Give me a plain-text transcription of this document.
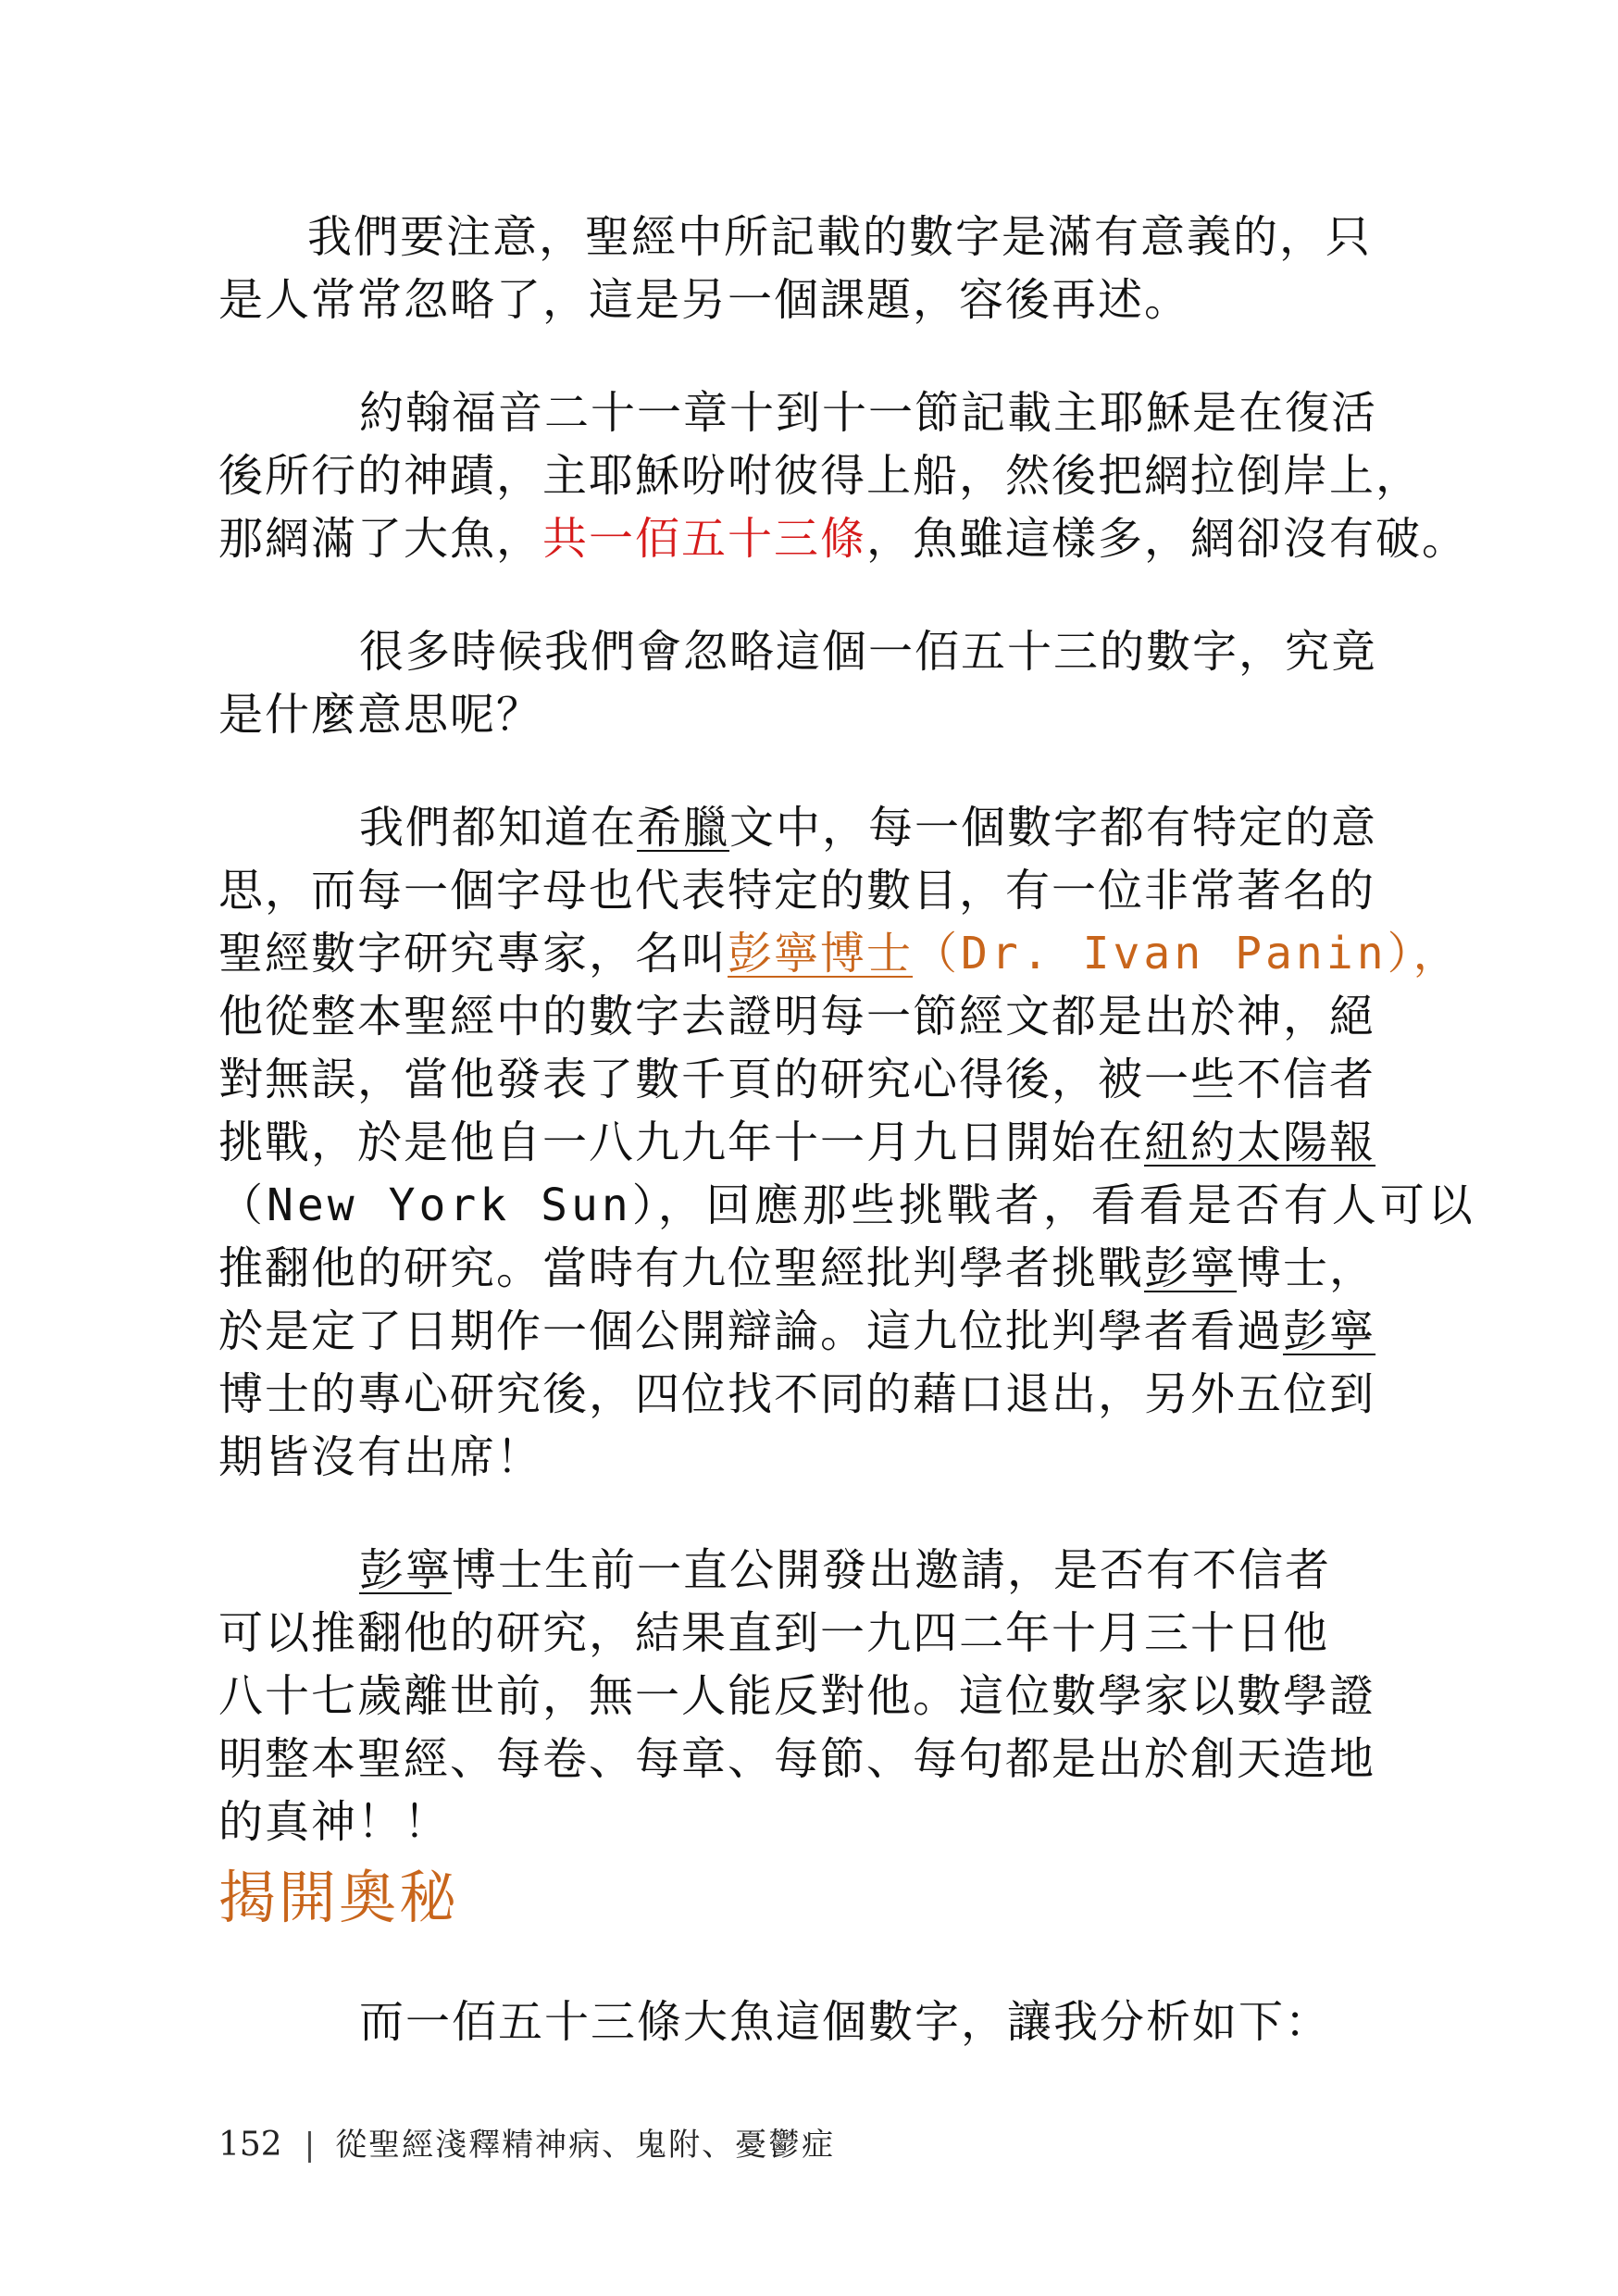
我們要注意，聖經中所記載的數字是滿有意義的，只
是人常常忽略了，這是另一個課題，容後再述。
約翰福音二十一章十到十一節記載主耶穌是在復活
後所行的神蹟，主耶穌吩咐彼得上船，然後把網拉倒岸上，
那網滿了大魚，共一佰五十三條，魚雖這樣多，網卻沒有破。
很多時候我們會忽略這個一佰五十三的數字，究竟
是什麼意思呢？
我們都知道在希臘文中，每一個數字都有特定的意
思，而每一個字母也代表特定的數目，有一位非常著名的
聖經數字研究專家，名叫彭寧博士（Dr. Ivan Panin），
他從整本聖經中的數字去證明每一節經文都是出於神，絕
對無誤，當他發表了數千頁的研究心得後，被一些不信者
挑戰，於是他自一八九九年十一月九日開始在紐約太陽報
（New York Sun），回應那些挑戰者，看看是否有人可以
推翻他的研究。當時有九位聖經批判學者挑戰彭寧博士，
於是定了日期作一個公開辯論。這九位批判學者看過彭寧
博士的專心研究後，四位找不同的藉口退出，另外五位到
期皆沒有出席！
彭寧博士生前一直公開發出邀請，是否有不信者
可以推翻他的研究，結果直到一九四二年十月三十日他
八十七歲離世前，無一人能反對他。這位數學家以數學證
明整本聖經、每卷、每章、每節、每句都是出於創天造地
的真神！！
揭開奧秘
而一佰五十三條大魚這個數字，讓我分析如下：
152 | 從聖經淺釋精神病、鬼附、憂鬱症
